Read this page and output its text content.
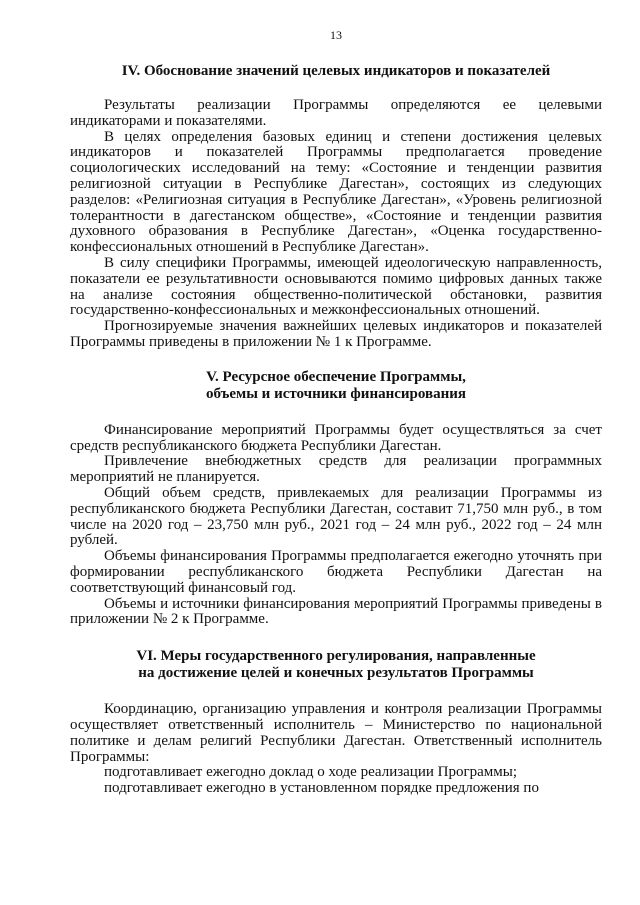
13
IV. Обоснование значений целевых индикаторов и показателей

Результаты реализации Программы определяются ее целевыми индикаторами и показателями.

В целях определения базовых единиц и степени достижения целевых индикаторов и показателей Программы предполагается проведение социологических исследований на тему: «Состояние и тенденции развития религиозной ситуации в Республике Дагестан», состоящих из следующих разделов: «Религиозная ситуация в Республике Дагестан», «Уровень религиозной толерантности в дагестанском обществе», «Состояние и тенденции развития духовного образования в Республике Дагестан», «Оценка государственно-конфессиональных отношений в Республике Дагестан».

В силу специфики Программы, имеющей идеологическую направленность, показатели ее результативности основываются помимо цифровых данных также на анализе состояния общественно-политической обстановки, развития государственно-конфессиональных и межконфессиональных отношений.

Прогнозируемые значения важнейших целевых индикаторов и показателей Программы приведены в приложении № 1 к Программе.

V. Ресурсное обеспечение Программы,
объемы и источники финансирования

Финансирование мероприятий Программы будет осуществляться за счет средств республиканского бюджета Республики Дагестан.

Привлечение внебюджетных средств для реализации программных мероприятий не планируется.

Общий объем средств, привлекаемых для реализации Программы из республиканского бюджета Республики Дагестан, составит 71,750 млн руб., в том числе на 2020 год – 23,750 млн руб., 2021 год – 24 млн руб., 2022 год – 24 млн рублей.

Объемы финансирования Программы предполагается ежегодно уточнять при формировании республиканского бюджета Республики Дагестан на соответствующий финансовый год.

Объемы и источники финансирования мероприятий Программы приведены в приложении № 2 к Программе.

VI. Меры государственного регулирования, направленные
на достижение целей и конечных результатов Программы

Координацию, организацию управления и контроля реализации Программы осуществляет ответственный исполнитель – Министерство по национальной политике и делам религий Республики Дагестан. Ответственный исполнитель Программы:

подготавливает ежегодно доклад о ходе реализации Программы;

подготавливает ежегодно в установленном порядке предложения по
